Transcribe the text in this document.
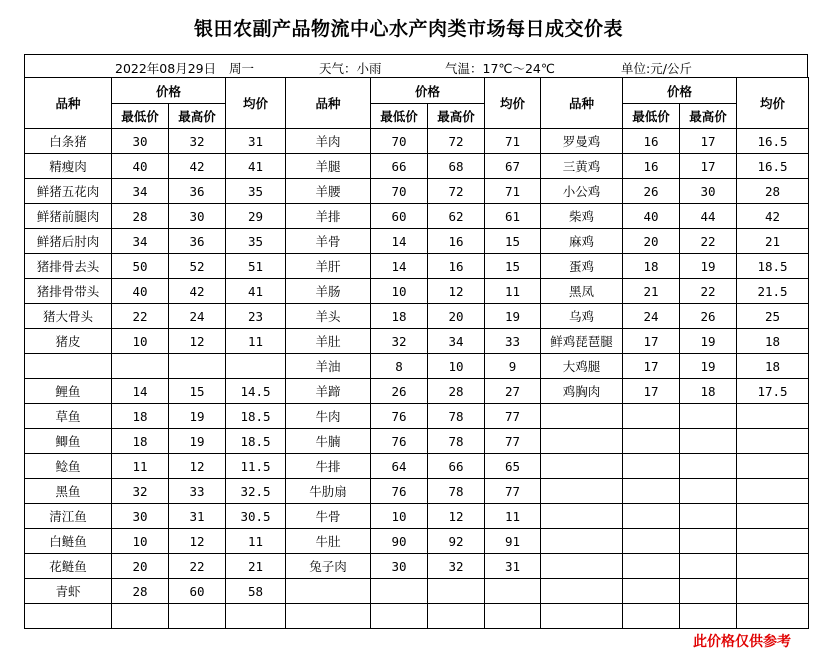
银田农副产品物流中心水产肉类市场每日成交价表
2022年08月29日 周一	天气：小雨	气温：17℃～24℃	单位:元/公斤
品种	价格		均价	品种	价格		均价	品种	价格		均价
	最低价	最高价			最低价	最高价			最低价	最高价	
白条猪	30	32	31	羊肉	70	72	71	罗曼鸡	16	17	16.5
精瘦肉	40	42	41	羊腿	66	68	67	三黄鸡	16	17	16.5
鲜猪五花肉	34	36	35	羊腰	70	72	71	小公鸡	26	30	28
鲜猪前腿肉	28	30	29	羊排	60	62	61	柴鸡	40	44	42
鲜猪后肘肉	34	36	35	羊骨	14	16	15	麻鸡	20	22	21
猪排骨去头	50	52	51	羊肝	14	16	15	蛋鸡	18	19	18.5
猪排骨带头	40	42	41	羊肠	10	12	11	黑凤	21	22	21.5
猪大骨头	22	24	23	羊头	18	20	19	乌鸡	24	26	25
猪皮	10	12	11	羊肚	32	34	33	鲜鸡琵琶腿	17	19	18
				羊油	8	10	9	大鸡腿	17	19	18
鲤鱼	14	15	14.5	羊蹄	26	28	27	鸡胸肉	17	18	17.5
草鱼	18	19	18.5	牛肉	76	78	77				
鲫鱼	18	19	18.5	牛腩	76	78	77				
鲶鱼	11	12	11.5	牛排	64	66	65				
黑鱼	32	33	32.5	牛肋扇	76	78	77				
清江鱼	30	31	30.5	牛骨	10	12	11				
白鲢鱼	10	12	11	牛肚	90	92	91				
花鲢鱼	20	22	21	兔子肉	30	32	31				
青虾	28	60	58								

此价格仅供参考
